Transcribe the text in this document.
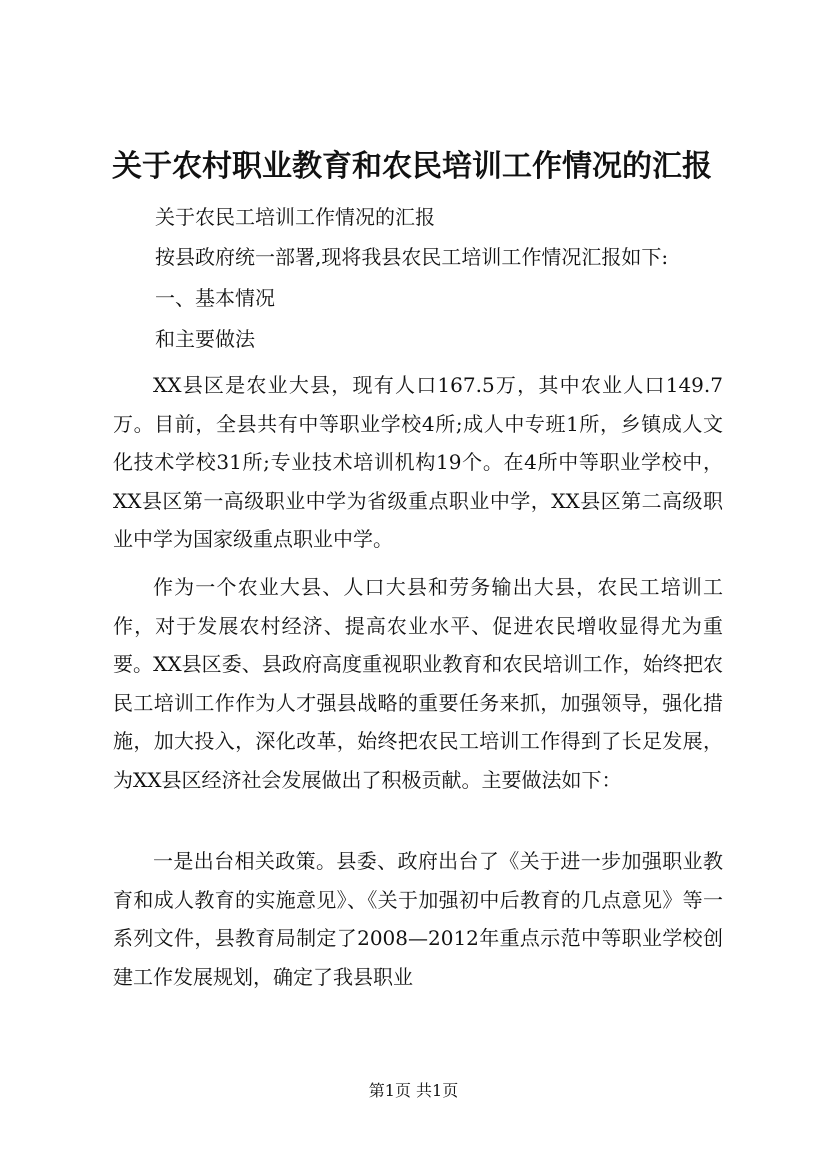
关于农村职业教育和农民培训工作情况的汇报
关于农民工培训工作情况的汇报
按县政府统一部署,现将我县农民工培训工作情况汇报如下:
一、基本情况
和主要做法

XX县区是农业大县，现有人口167.5万，其中农业人口149.7万。目前，全县共有中等职业学校4所;成人中专班1所，乡镇成人文化技术学校31所;专业技术培训机构19个。在4所中等职业学校中，XX县区第一高级职业中学为省级重点职业中学，XX县区第二高级职业中学为国家级重点职业中学。

作为一个农业大县、人口大县和劳务输出大县，农民工培训工作，对于发展农村经济、提高农业水平、促进农民增收显得尤为重要。XX县区委、县政府高度重视职业教育和农民培训工作，始终把农民工培训工作作为人才强县战略的重要任务来抓，加强领导，强化措施，加大投入，深化改革，始终把农民工培训工作得到了长足发展，为XX县区经济社会发展做出了积极贡献。主要做法如下：

一是出台相关政策。县委、政府出台了《关于进一步加强职业教育和成人教育的实施意见》、《关于加强初中后教育的几点意见》等一系列文件，县教育局制定了2008—2012年重点示范中等职业学校创建工作发展规划，确定了我县职业

第1页 共1页
